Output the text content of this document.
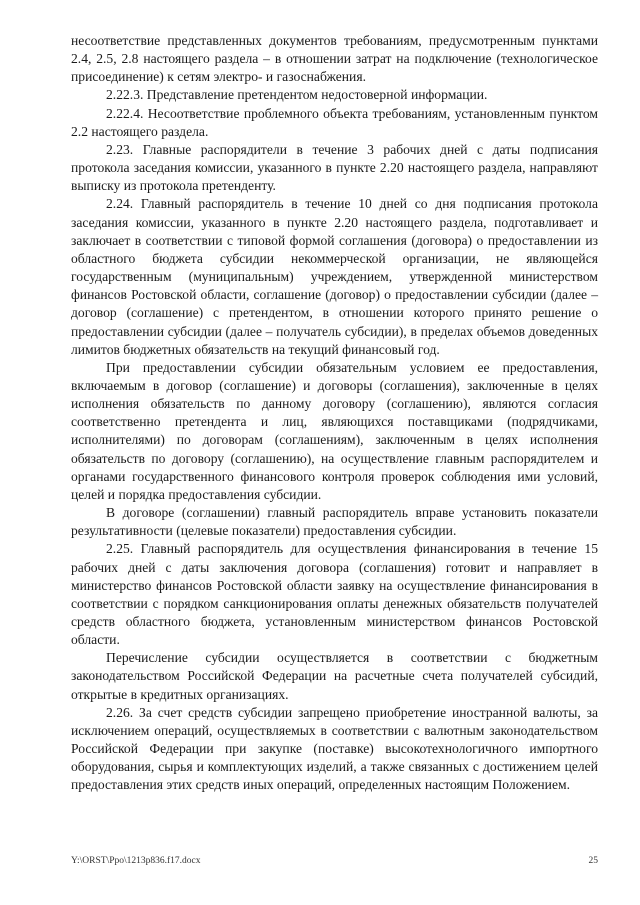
несоответствие представленных документов требованиям, предусмотренным пунктами 2.4, 2.5, 2.8 настоящего раздела – в отношении затрат на подключение (технологическое присоединение) к сетям электро- и газоснабжения.

2.22.3. Представление претендентом недостоверной информации.

2.22.4. Несоответствие проблемного объекта требованиям, установленным пунктом 2.2 настоящего раздела.

2.23. Главные распорядители в течение 3 рабочих дней с даты подписания протокола заседания комиссии, указанного в пункте 2.20 настоящего раздела, направляют выписку из протокола претенденту.

2.24. Главный распорядитель в течение 10 дней со дня подписания протокола заседания комиссии, указанного в пункте 2.20 настоящего раздела, подготавливает и заключает в соответствии с типовой формой соглашения (договора) о предоставлении из областного бюджета субсидии некоммерческой организации, не являющейся государственным (муниципальным) учреждением, утвержденной министерством финансов Ростовской области, соглашение (договор) о предоставлении субсидии (далее – договор (соглашение) с претендентом, в отношении которого принято решение о предоставлении субсидии (далее – получатель субсидии), в пределах объемов доведенных лимитов бюджетных обязательств на текущий финансовый год.

При предоставлении субсидии обязательным условием ее предоставления, включаемым в договор (соглашение) и договоры (соглашения), заключенные в целях исполнения обязательств по данному договору (соглашению), являются согласия соответственно претендента и лиц, являющихся поставщиками (подрядчиками, исполнителями) по договорам (соглашениям), заключенным в целях исполнения обязательств по договору (соглашению), на осуществление главным распорядителем и органами государственного финансового контроля проверок соблюдения ими условий, целей и порядка предоставления субсидии.

В договоре (соглашении) главный распорядитель вправе установить показатели результативности (целевые показатели) предоставления субсидии.

2.25. Главный распорядитель для осуществления финансирования в течение 15 рабочих дней с даты заключения договора (соглашения) готовит и направляет в министерство финансов Ростовской области заявку на осуществление финансирования в соответствии с порядком санкционирования оплаты денежных обязательств получателей средств областного бюджета, установленным министерством финансов Ростовской области.

Перечисление субсидии осуществляется в соответствии с бюджетным законодательством Российской Федерации на расчетные счета получателей субсидий, открытые в кредитных организациях.

2.26. За счет средств субсидии запрещено приобретение иностранной валюты, за исключением операций, осуществляемых в соответствии с валютным законодательством Российской Федерации при закупке (поставке) высокотехнологичного импортного оборудования, сырья и комплектующих изделий, а также связанных с достижением целей предоставления этих средств иных операций, определенных настоящим Положением.

Y:\ORST\Ppo\1213p836.f17.docx	25
